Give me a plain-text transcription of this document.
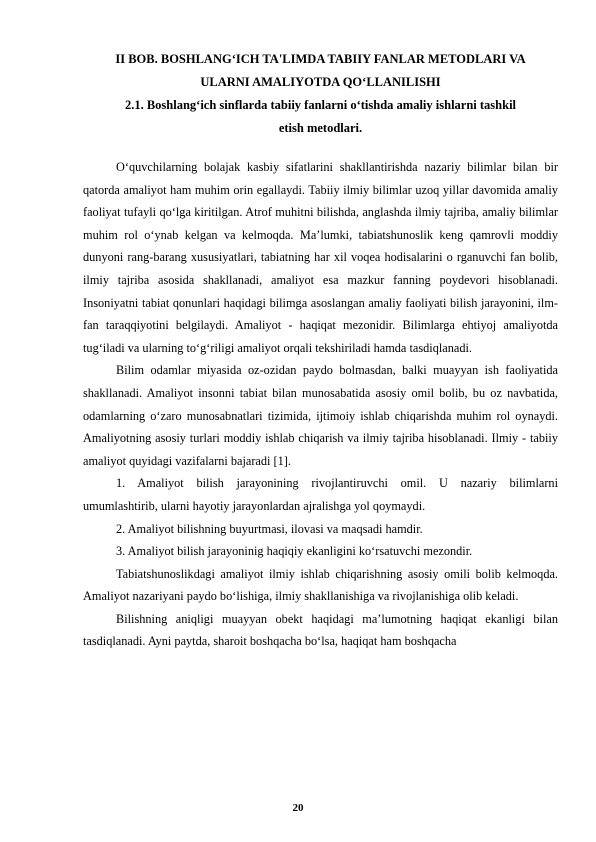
II BOB. BOSHLANG‘ICH TA'LIMDA TABIIY FANLAR METODLARI VA

ULARNI AMALIYOTDA QO‘LLANILISHI

2.1. Boshlang‘ich sinflarda tabiiy fanlarni o‘tishda amaliy ishlarni tashkil

etish metodlari.

O‘quvchilarning bolajak kasbiy sifatlarini shakllantirishda nazariy bilimlar bilan bir qatorda amaliyot ham muhim orin egallaydi. Tabiiy ilmiy bilimlar uzoq yillar davomida amaliy faoliyat tufayli qo‘lga kiritilgan. Atrof muhitni bilishda, anglashda ilmiy tajriba, amaliy bilimlar muhim rol o‘ynab kelgan va kelmoqda. Ma’lumki, tabiatshunoslik keng qamrovli moddiy dunyoni rang-barang xususiyatlari, tabiatning har xil voqea hodisalarini o rganuvchi fan bolib, ilmiy tajriba asosida shakllanadi, amaliyot esa mazkur fanning poydevori hisoblanadi. Insoniyatni tabiat qonunlari haqidagi bilimga asoslangan amaliy faoliyati bilish jarayonini, ilm-fan taraqqiyotini belgilaydi. Amaliyot - haqiqat mezonidir. Bilimlarga ehtiyoj amaliyotda tug‘iladi va ularning to‘g‘riligi amaliyot orqali tekshiriladi hamda tasdiqlanadi.

Bilim odamlar miyasida oz-ozidan paydo bolmasdan, balki muayyan ish faoliyatida shakllanadi. Amaliyot insonni tabiat bilan munosabatida asosiy omil bolib, bu oz navbatida, odamlarning o‘zaro munosabnatlari tizimida, ijtimoiy ishlab chiqarishda muhim rol oynaydi. Amaliyotning asosiy turlari moddiy ishlab chiqarish va ilmiy tajriba hisoblanadi. Ilmiy - tabiiy amaliyot quyidagi vazifalarni bajaradi [1].

1. Amaliyot bilish jarayonining rivojlantiruvchi omil. U nazariy bilimlarni umumlashtirib, ularni hayotiy jarayonlardan ajralishga yol qoymaydi.

2. Amaliyot bilishning buyurtmasi, ilovasi va maqsadi hamdir.

3. Amaliyot bilish jarayoninig haqiqiy ekanligini ko‘rsatuvchi mezondir.

Tabiatshunoslikdagi amaliyot ilmiy ishlab chiqarishning asosiy omili bolib kelmoqda. Amaliyot nazariyani paydo bo‘lishiga, ilmiy shakllanishiga va rivojlanishiga olib keladi.

Bilishning aniqligi muayyan obekt haqidagi ma’lumotning haqiqat ekanligi bilan tasdiqlanadi. Ayni paytda, sharoit boshqacha bo‘lsa, haqiqat ham boshqacha

20
